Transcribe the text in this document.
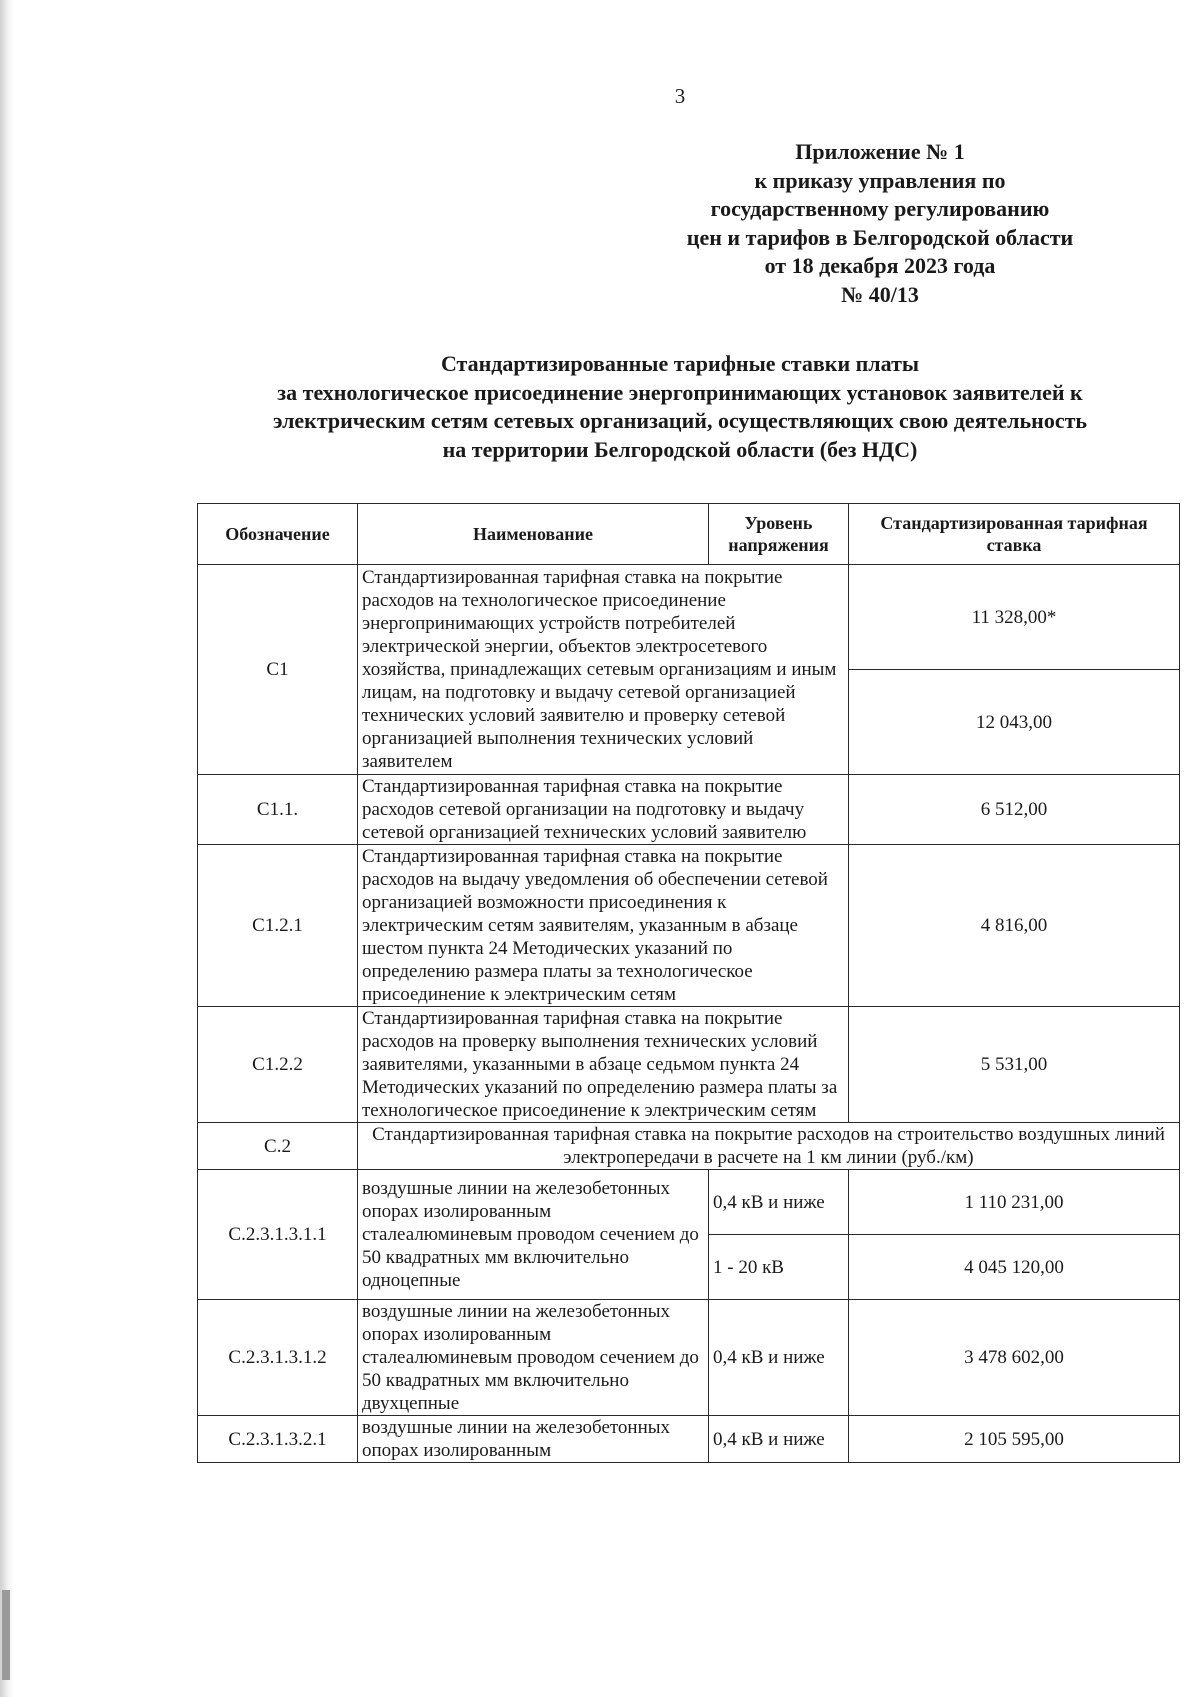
3
Приложение № 1
к приказу управления по
государственному регулированию
цен и тарифов в Белгородской области
от 18 декабря 2023 года
№ 40/13
Стандартизированные тарифные ставки платы
за технологическое присоединение энергопринимающих установок заявителей к
электрическим сетям сетевых организаций, осуществляющих свою деятельность
на территории Белгородской области (без НДС)
Обозначение	Наименование	Уровень напряжения	Стандартизированная тарифная ставка
С1	Стандартизированная тарифная ставка на покрытие расходов на технологическое присоединение энергопринимающих устройств потребителей электрической энергии, объектов электросетевого хозяйства, принадлежащих сетевым организациям и иным лицам, на подготовку и выдачу сетевой организацией технических условий заявителю и проверку сетевой организацией выполнения технических условий заявителем		11 328,00*
			12 043,00
С1.1.	Стандартизированная тарифная ставка на покрытие расходов сетевой организации на подготовку и выдачу сетевой организацией технических условий заявителю		6 512,00
С1.2.1	Стандартизированная тарифная ставка на покрытие расходов на выдачу уведомления об обеспечении сетевой организацией возможности присоединения к электрическим сетям заявителям, указанным в абзаце шестом пункта 24 Методических указаний по определению размера платы за технологическое присоединение к электрическим сетям		4 816,00
С1.2.2	Стандартизированная тарифная ставка на покрытие расходов на проверку выполнения технических условий заявителями, указанными в абзаце седьмом пункта 24 Методических указаний по определению размера платы за технологическое присоединение к электрическим сетям		5 531,00
С.2	Стандартизированная тарифная ставка на покрытие расходов на строительство воздушных линий электропередачи в расчете на 1 км линии (руб./км)		
С.2.3.1.3.1.1	воздушные линии на железобетонных опорах изолированным сталеалюминевым проводом сечением до 50 квадратных мм включительно одноцепные	0,4 кВ и ниже	1 110 231,00
		1 - 20 кВ	4 045 120,00
С.2.3.1.3.1.2	воздушные линии на железобетонных опорах изолированным сталеалюминевым проводом сечением до 50 квадратных мм включительно двухцепные	0,4 кВ и ниже	3 478 602,00
С.2.3.1.3.2.1	воздушные линии на железобетонных опорах изолированным	0,4 кВ и ниже	2 105 595,00
